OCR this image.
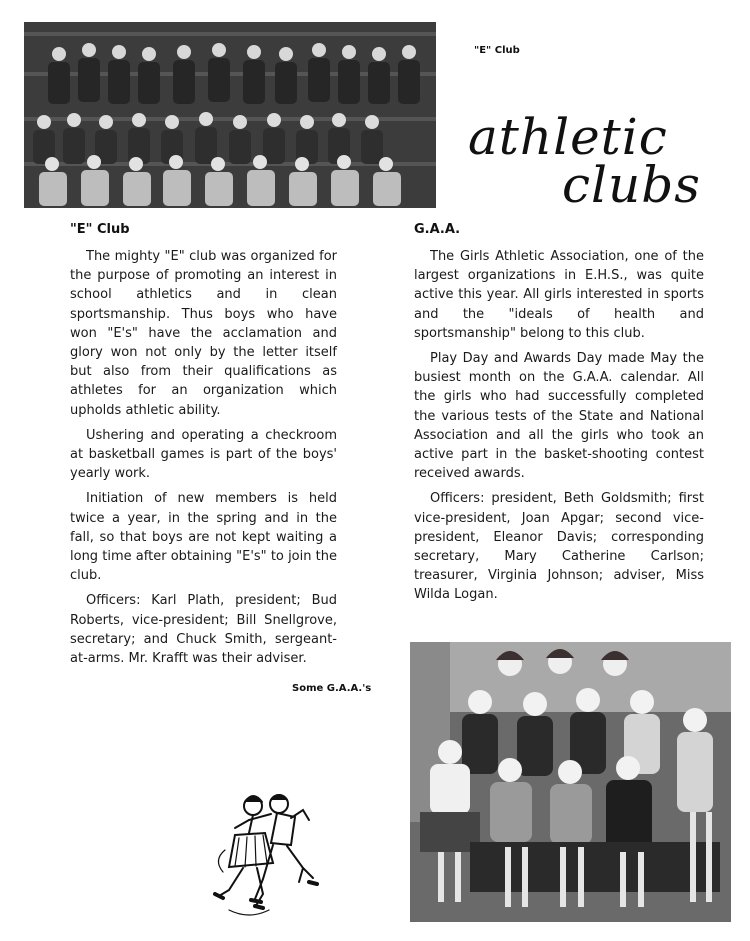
"E" Club
athletic
clubs
"E" Club	G.A.A.

The mighty "E" club was organized for the purpose of promoting an interest in school athletics and in clean sportsmanship. Thus boys who have won "E's" have the acclamation and glory won not only by the letter itself but also from their qualifications as athletes for an organization which upholds athletic ability.

Ushering and operating a checkroom at basketball games is part of the boys' yearly work.

Initiation of new members is held twice a year, in the spring and in the fall, so that boys are not kept waiting a long time after obtaining "E's" to join the club.

Officers: Karl Plath, president; Bud Roberts, vice-president; Bill Snellgrove, secretary; and Chuck Smith, sergeant-at-arms. Mr. Krafft was their adviser.

The Girls Athletic Association, one of the largest organizations in E.H.S., was quite active this year. All girls interested in sports and the "ideals of health and sportsmanship" belong to this club.

Play Day and Awards Day made May the busiest month on the G.A.A. calendar. All the girls who had successfully completed the various tests of the State and National Association and all the girls who took an active part in the basket-shooting contest received awards.

Officers: president, Beth Goldsmith; first vice-president, Joan Apgar; second vice-president, Eleanor Davis; corresponding secretary, Mary Catherine Carlson; treasurer, Virginia Johnson; adviser, Miss Wilda Logan.

Some G.A.A.'s
